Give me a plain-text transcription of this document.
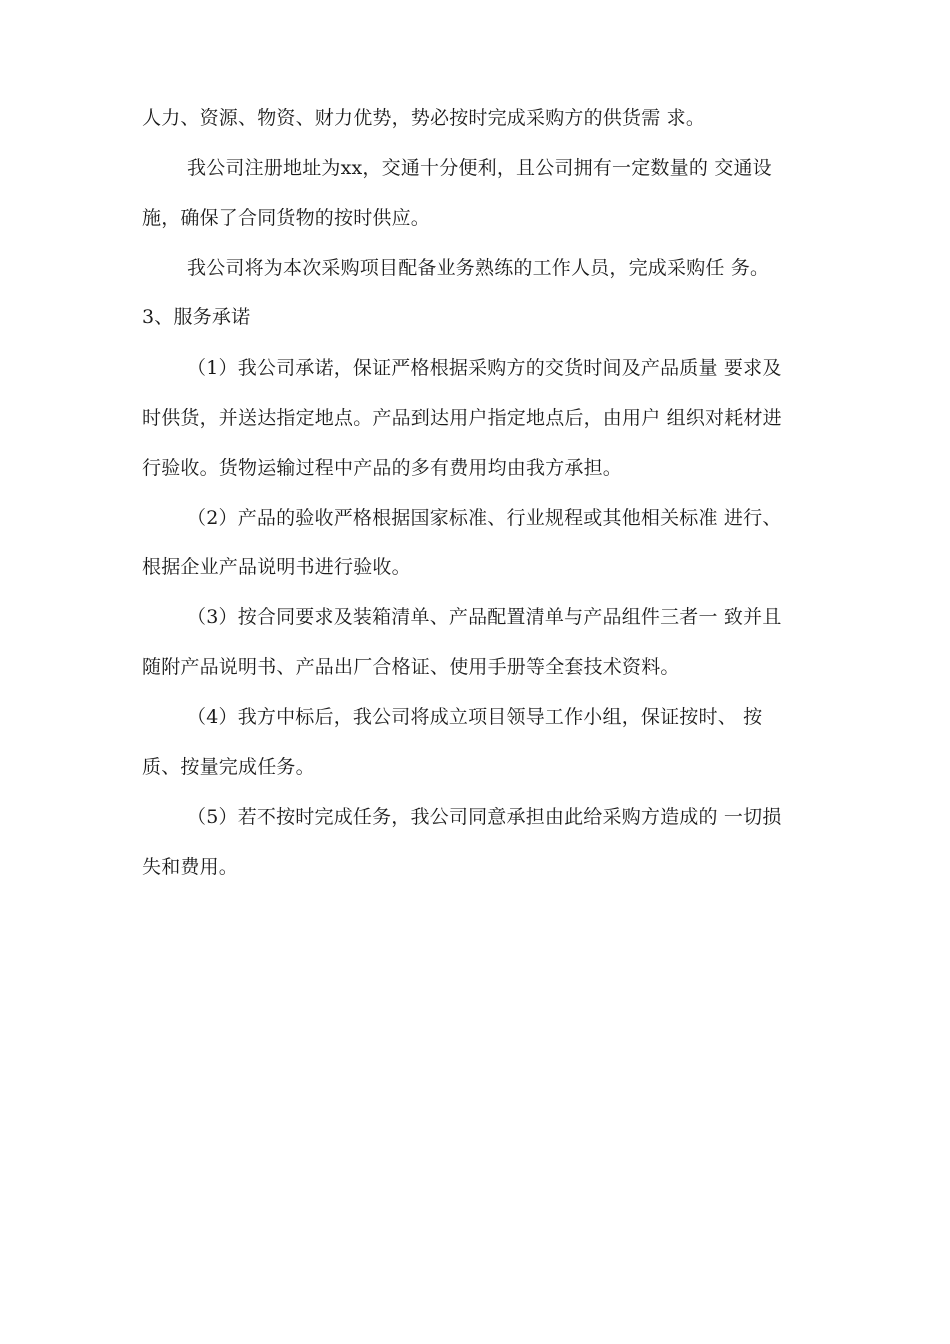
人力、资源、物资、财力优势，势必按时完成采购方的供货需 求。
我公司注册地址为xx，交通十分便利，且公司拥有一定数量的 交通设
施，确保了合同货物的按时供应。
我公司将为本次采购项目配备业务熟练的工作人员，完成采购任 务。
3、服务承诺
（1）我公司承诺，保证严格根据采购方的交货时间及产品质量 要求及
时供货，并送达指定地点。产品到达用户指定地点后，由用户 组织对耗材进
行验收。货物运输过程中产品的多有费用均由我方承担。
（2）产品的验收严格根据国家标准、行业规程或其他相关标准 进行、
根据企业产品说明书进行验收。
（3）按合同要求及装箱清单、产品配置清单与产品组件三者一 致并且
随附产品说明书、产品出厂合格证、使用手册等全套技术资料。
（4）我方中标后，我公司将成立项目领导工作小组，保证按时、 按
质、按量完成任务。
（5）若不按时完成任务，我公司同意承担由此给采购方造成的 一切损
失和费用。
